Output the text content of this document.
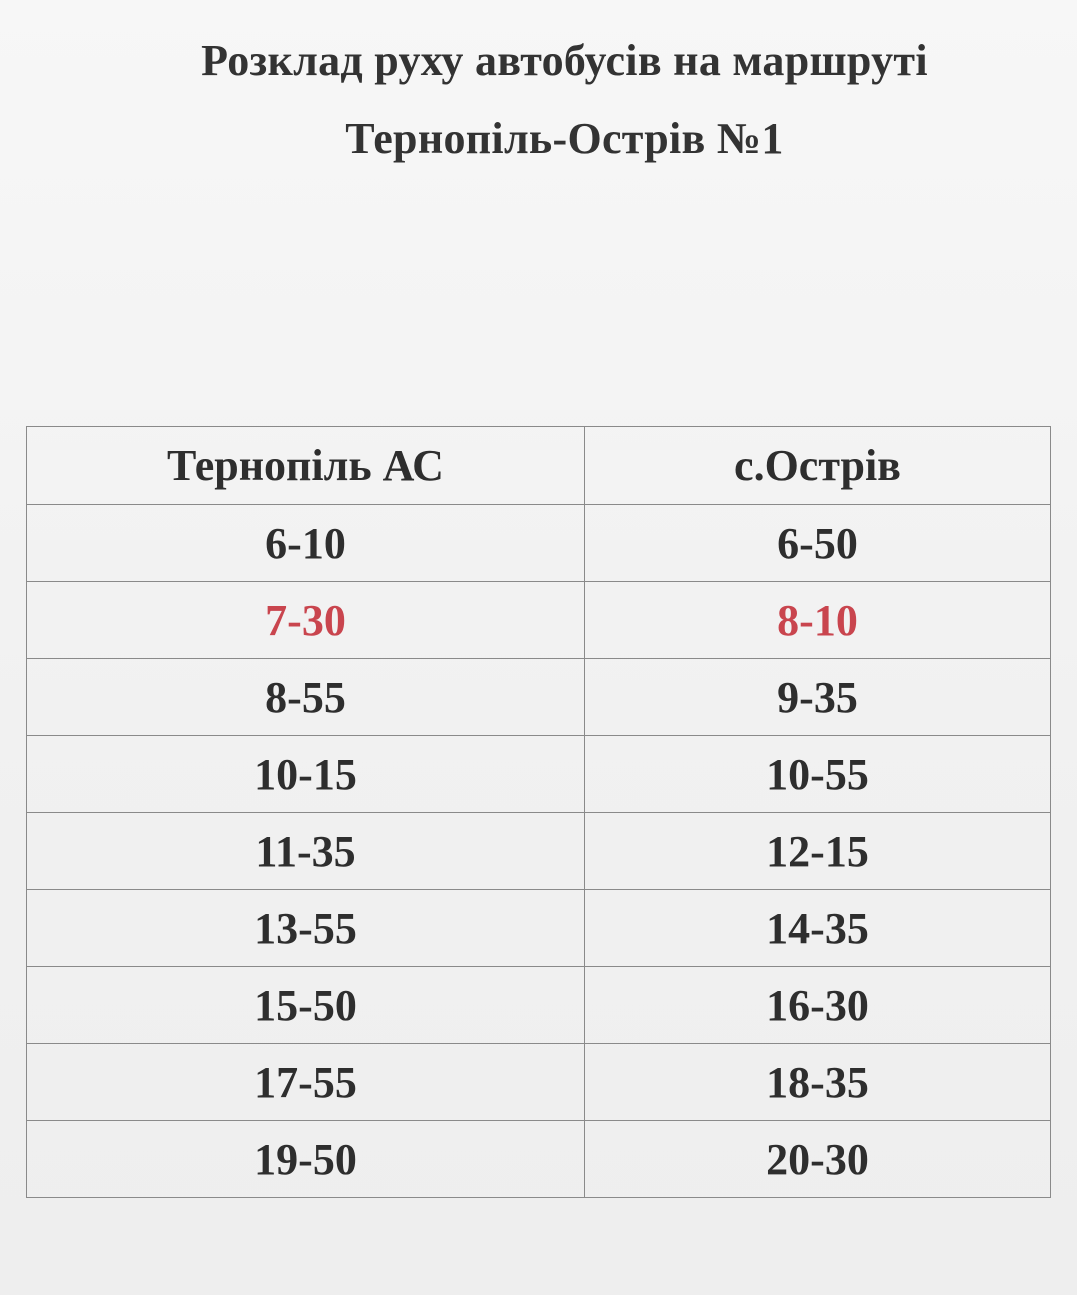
Розклад руху автобусів на маршруті
Тернопіль-Острів №1
Тернопіль АС	с.Острів
6-10	6-50
7-30	8-10
8-55	9-35
10-15	10-55
11-35	12-15
13-55	14-35
15-50	16-30
17-55	18-35
19-50	20-30
